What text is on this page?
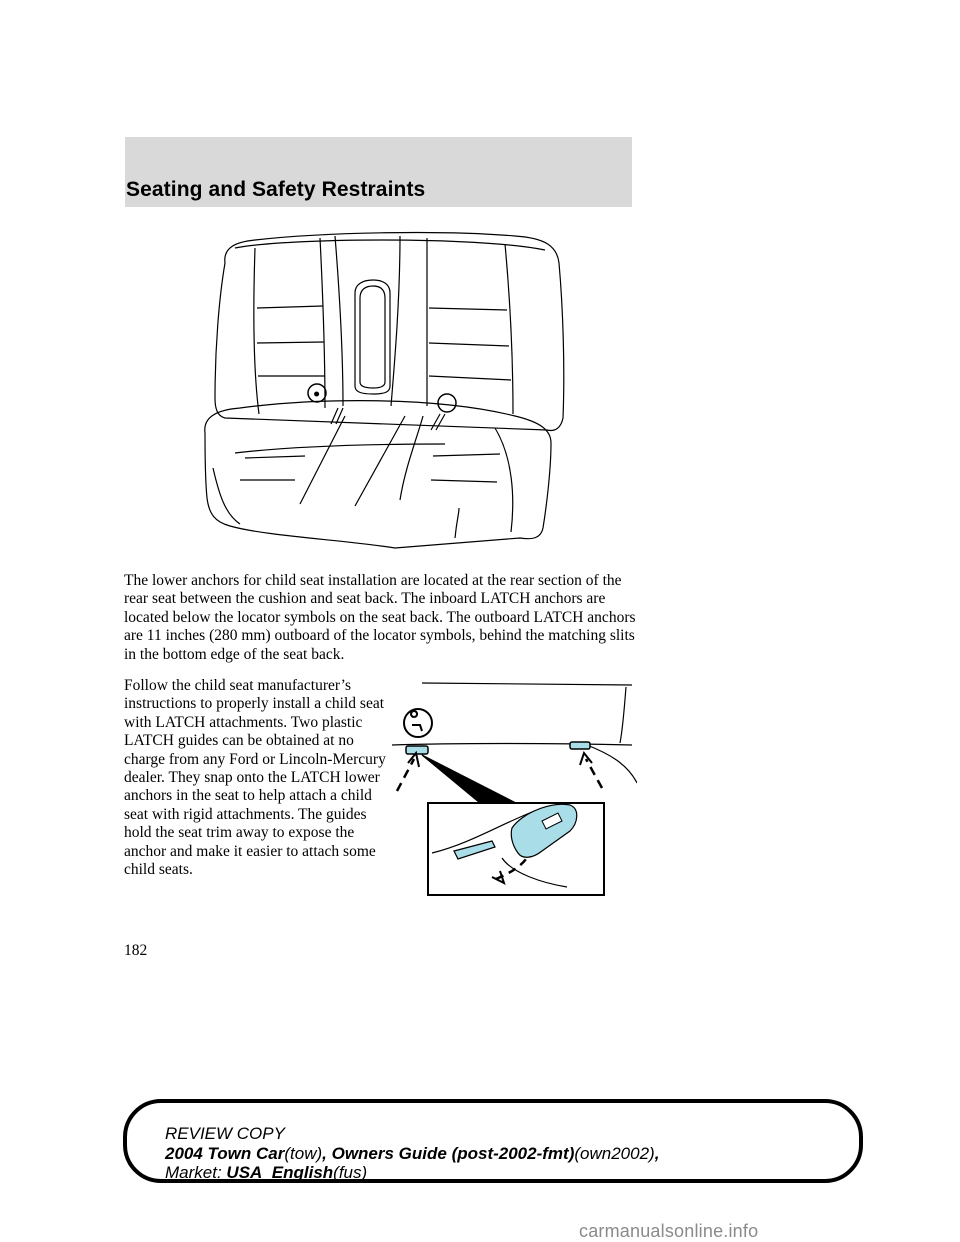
Seating and Safety Restraints
⚫

The lower anchors for child seat installation are located at the rear section of the rear seat between the cushion and seat back. The inboard LATCH anchors are located below the locator symbols on the seat back. The outboard LATCH anchors are 11 inches (280 mm) outboard of the locator symbols, behind the matching slits in the bottom edge of the seat back.

Follow the child seat manufacturer’s instructions to properly install a child seat with LATCH attachments. Two plastic LATCH guides can be obtained at no charge from any Ford or Lincoln-Mercury dealer. They snap onto the LATCH lower anchors in the seat to help attach a child seat with rigid attachments. The guides hold the seat trim away to expose the anchor and make it easier to attach some child seats.

182
REVIEW COPY
2004 Town Car(tow), Owners Guide (post-2002-fmt)(own2002),
Market: USA_English(fus)
carmanualsonline.info
